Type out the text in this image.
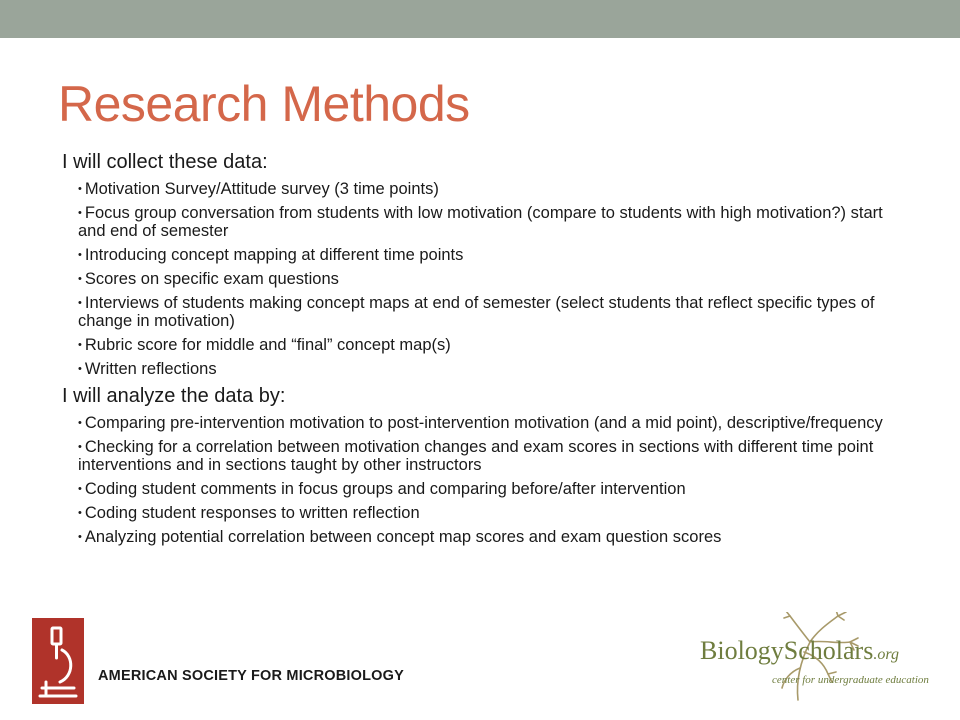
Research Methods
I will collect these data:
• Motivation Survey/Attitude survey (3 time points)
• Focus group conversation from students with low motivation (compare to students with high motivation?) start and end of semester
• Introducing concept mapping at different time points
• Scores on specific exam questions
• Interviews of students making concept maps at end of semester (select students that reflect specific types of change in motivation)
• Rubric score for middle and “final” concept map(s)
• Written reflections
I will analyze the data by:
• Comparing pre-intervention motivation to post-intervention motivation (and a mid point), descriptive/frequency
• Checking for a correlation between motivation changes and exam scores in sections with different time point interventions and in sections taught by other instructors
• Coding student comments in focus groups and comparing before/after intervention
• Coding student responses to written reflection
• Analyzing potential correlation between concept map scores and exam question scores
AMERICAN SOCIETY FOR MICROBIOLOGY
BiologyScholars.org
center for undergraduate education
